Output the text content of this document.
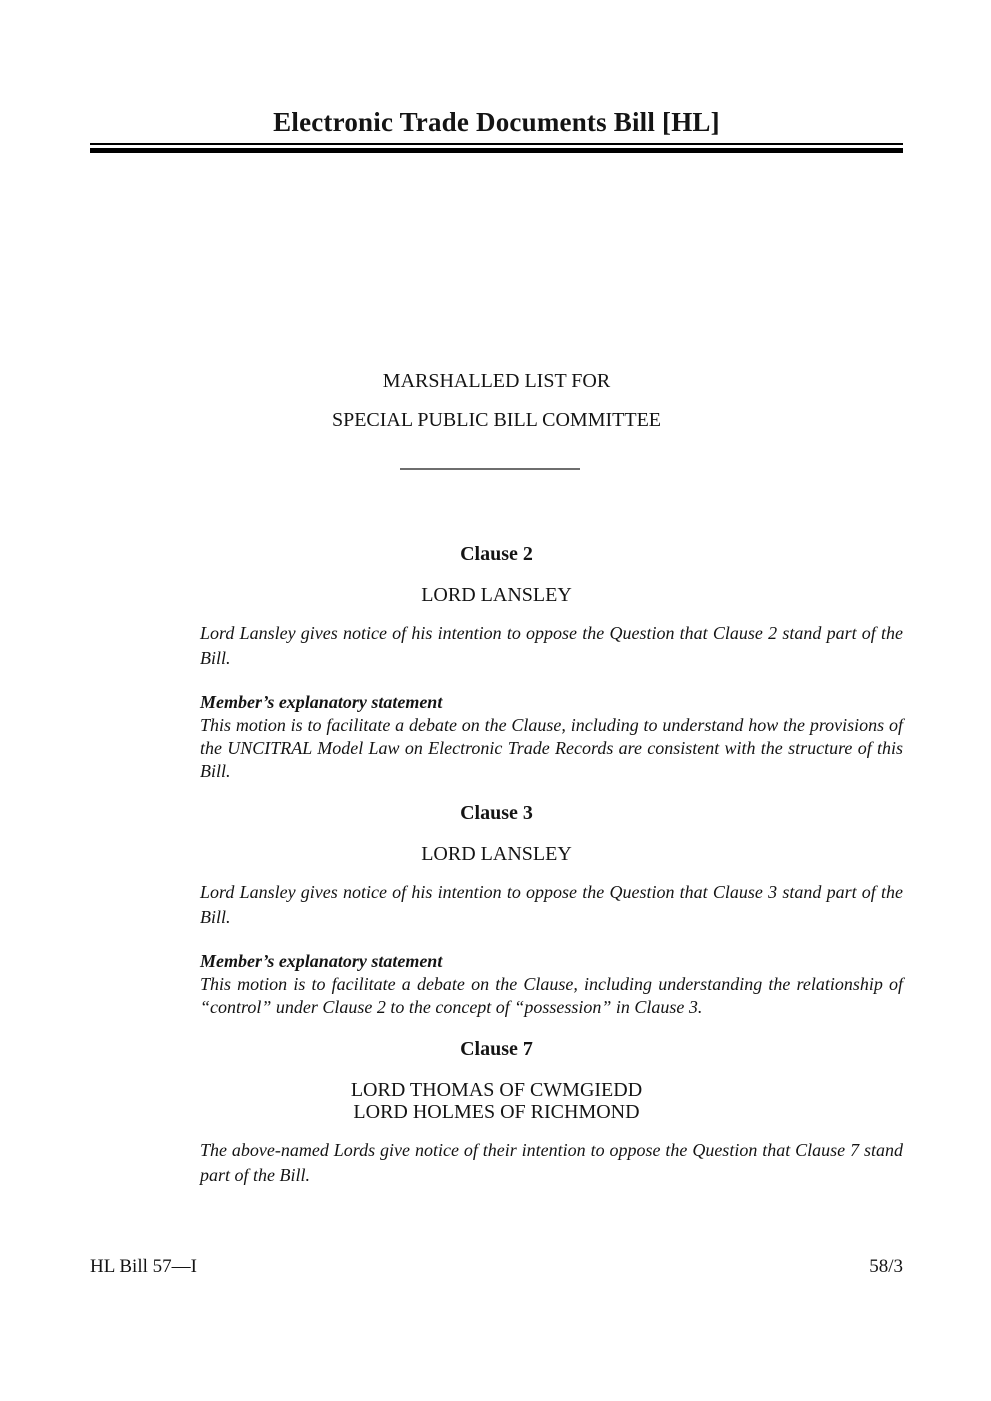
Electronic Trade Documents Bill [HL]
MARSHALLED LIST FOR
SPECIAL PUBLIC BILL COMMITTEE
Clause 2
LORD LANSLEY

Lord Lansley gives notice of his intention to oppose the Question that Clause 2 stand part of the Bill.

Member’s explanatory statement

This motion is to facilitate a debate on the Clause, including to understand how the provisions of the UNCITRAL Model Law on Electronic Trade Records are consistent with the structure of this Bill.

Clause 3
LORD LANSLEY

Lord Lansley gives notice of his intention to oppose the Question that Clause 3 stand part of the Bill.

Member’s explanatory statement

This motion is to facilitate a debate on the Clause, including understanding the relationship of “control” under Clause 2 to the concept of “possession” in Clause 3.

Clause 7
LORD THOMAS OF CWMGIEDD
LORD HOLMES OF RICHMOND

The above-named Lords give notice of their intention to oppose the Question that Clause 7 stand part of the Bill.

HL Bill 57—I	58/3
